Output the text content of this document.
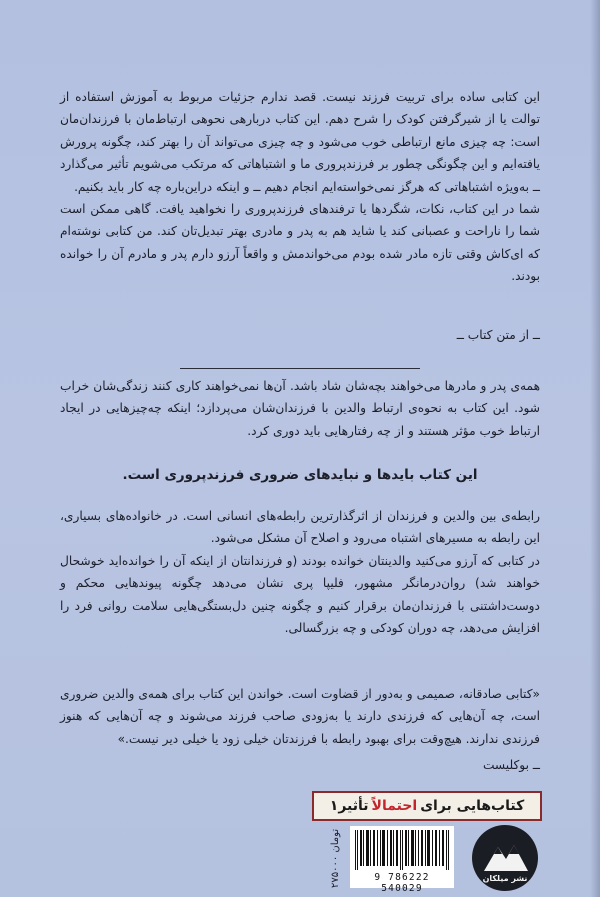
این کتابی ساده برای تربیت فرزند نیست. قصد ندارم جزئیات مربوط به آموزش استفاده از توالت یا از شیرگرفتن کودک را شرح دهم. این کتاب دربارهی نحوهی ارتباط‌مان با فرزندان‌مان است: چه چیزی مانع ارتباطی خوب می‌شود و چه چیزی می‌تواند آن را بهتر کند، چگونه پرورش یافته‌ایم و این چگونگی چطور بر فرزندپروری ما و اشتباهاتی که مرتکب می‌شویم تأثیر می‌گذارد ــ به‌ویژه اشتباهاتی که هرگز نمی‌خواسته‌ایم انجام دهیم ــ و اینکه دراین‌باره چه کار باید بکنیم.

شما در این کتاب، نکات، شگردها یا ترفندهای فرزندپروری را نخواهید یافت. گاهی ممکن است شما را ناراحت و عصبانی کند یا شاید هم به پدر و مادری بهتر تبدیل‌تان کند. من کتابی نوشته‌ام که ای‌کاش وقتی تازه مادر شده بودم می‌خواندمش و واقعاً آرزو دارم پدر و مادرم آن را خوانده بودند.

ــ از متن کتاب ــ

همه‌ی پدر و مادرها می‌خواهند بچه‌شان شاد باشد. آن‌ها نمی‌خواهند کاری کنند زندگی‌شان خراب شود. این کتاب به نحوه‌ی ارتباط والدین با فرزندان‌شان می‌پردازد؛ اینکه چه‌چیزهایی در ایجاد ارتباط خوب مؤثر هستند و از چه رفتارهایی باید دوری کرد.

این کتاب بایدها و نبایدهای ضروری فرزندپروری است.

رابطه‌ی بین والدین و فرزندان از اثرگذارترین رابطه‌های انسانی است. در خانواده‌های بسیاری، این رابطه به مسیرهای اشتباه می‌رود و اصلاح آن مشکل می‌شود.

در کتابی که آرزو می‌کنید والدینتان خوانده بودند (و فرزندانتان از اینکه آن را خوانده‌اید خوشحال خواهند شد) روان‌درمانگر مشهور، فلیپا پری نشان می‌دهد چگونه پیوندهایی محکم و دوست‌داشتنی با فرزندان‌مان برقرار کنیم و چگونه چنین دل‌بستگی‌هایی سلامت روانی فرد را افزایش می‌دهد، چه دوران کودکی و چه بزرگسالی.

«کتابی صادقانه، صمیمی و به‌دور از قضاوت است. خواندن این کتاب برای همه‌ی والدین ضروری است، چه آن‌هایی که فرزندی دارند یا به‌زودی صاحب فرزند می‌شوند و چه آن‌هایی که هنوز فرزندی ندارند. هیچ‌وقت برای بهبود رابطه با فرزندتان خیلی زود یا خیلی دیر نیست.»

ــ بوکلیست
کتاب‌هایی برای
احتمالاً
تأثیر۱
۲۷۵۰۰۰ تومان
9 786222 540029
نشر میلکان
